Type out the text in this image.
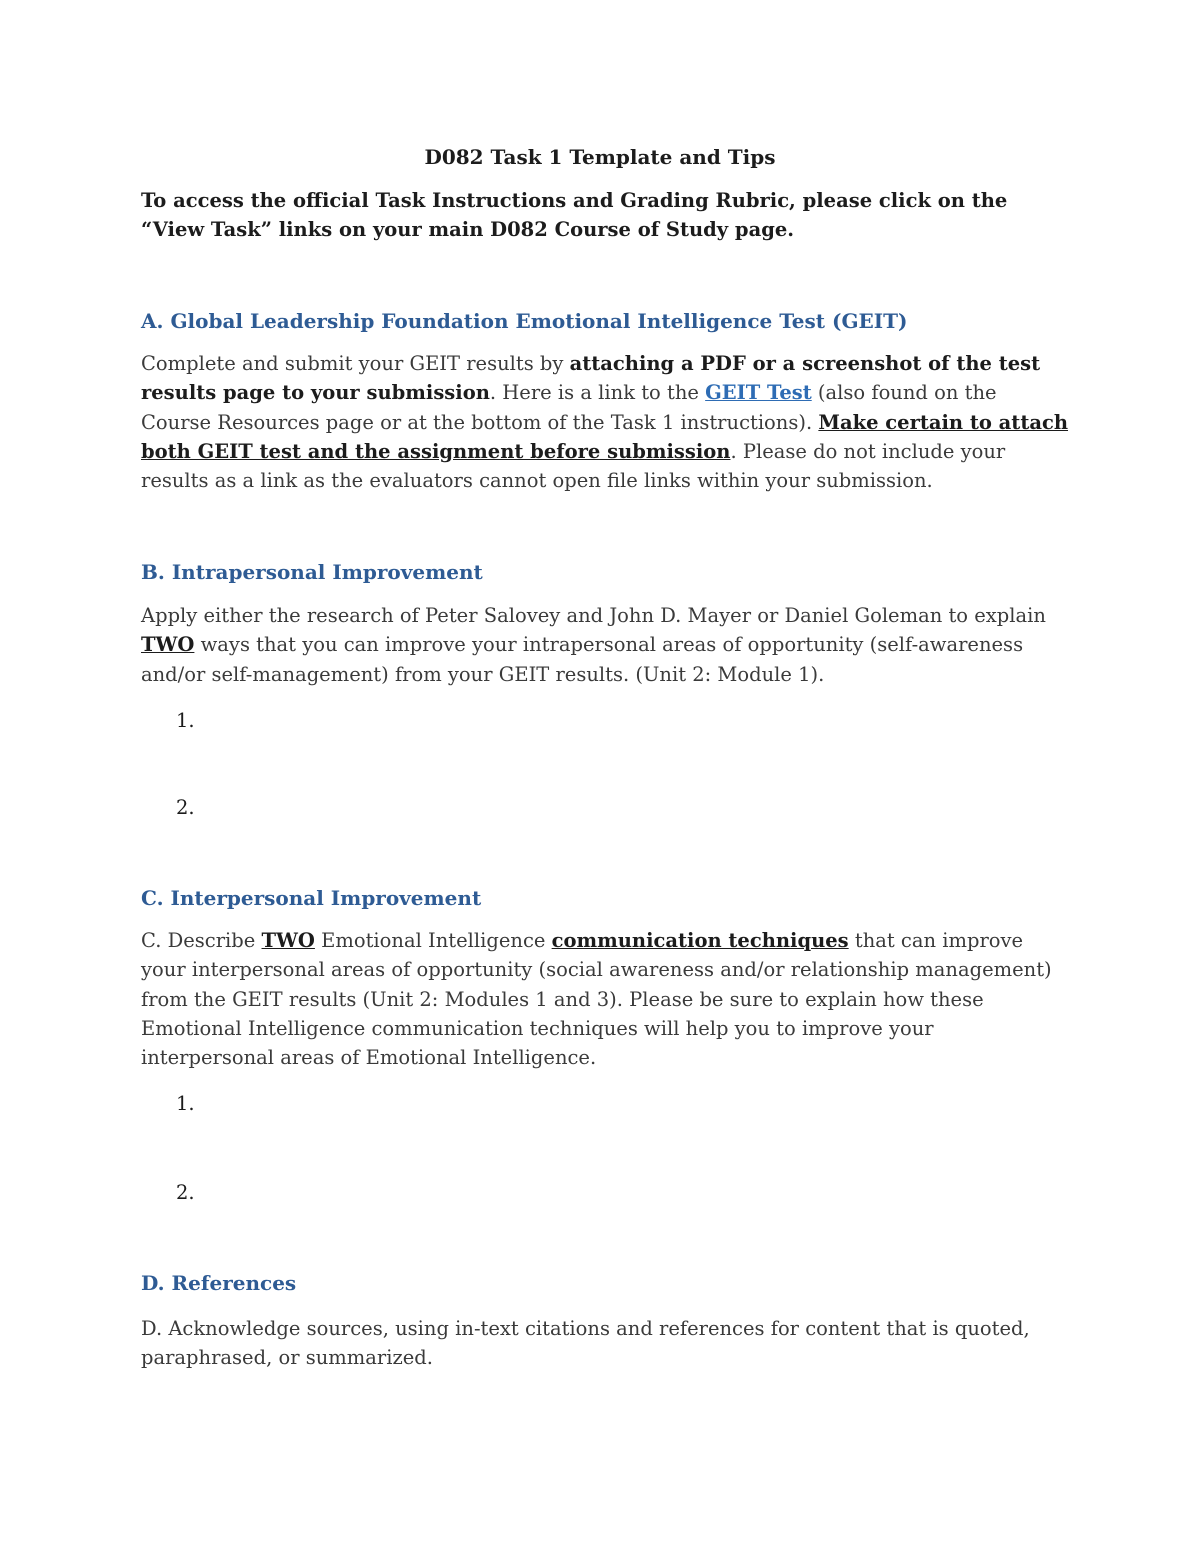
D082 Task 1 Template and Tips

To access the official Task Instructions and Grading Rubric, please click on the “View Task” links on your main D082 Course of Study page.

A. Global Leadership Foundation Emotional Intelligence Test (GEIT)

Complete and submit your GEIT results by attaching a PDF or a screenshot of the test results page to your submission. Here is a link to the GEIT Test (also found on the Course Resources page or at the bottom of the Task 1 instructions). Make certain to attach both GEIT test and the assignment before submission. Please do not include your results as a link as the evaluators cannot open file links within your submission.

B. Intrapersonal Improvement

Apply either the research of Peter Salovey and John D. Mayer or Daniel Goleman to explain TWO ways that you can improve your intrapersonal areas of opportunity (self-awareness and/or self-management) from your GEIT results. (Unit 2: Module 1).

1.
2.
C. Interpersonal Improvement

C. Describe TWO Emotional Intelligence communication techniques that can improve your interpersonal areas of opportunity (social awareness and/or relationship management) from the GEIT results (Unit 2: Modules 1 and 3). Please be sure to explain how these Emotional Intelligence communication techniques will help you to improve your interpersonal areas of Emotional Intelligence.

1.
2.
D. References

D. Acknowledge sources, using in-text citations and references for content that is quoted, paraphrased, or summarized.
